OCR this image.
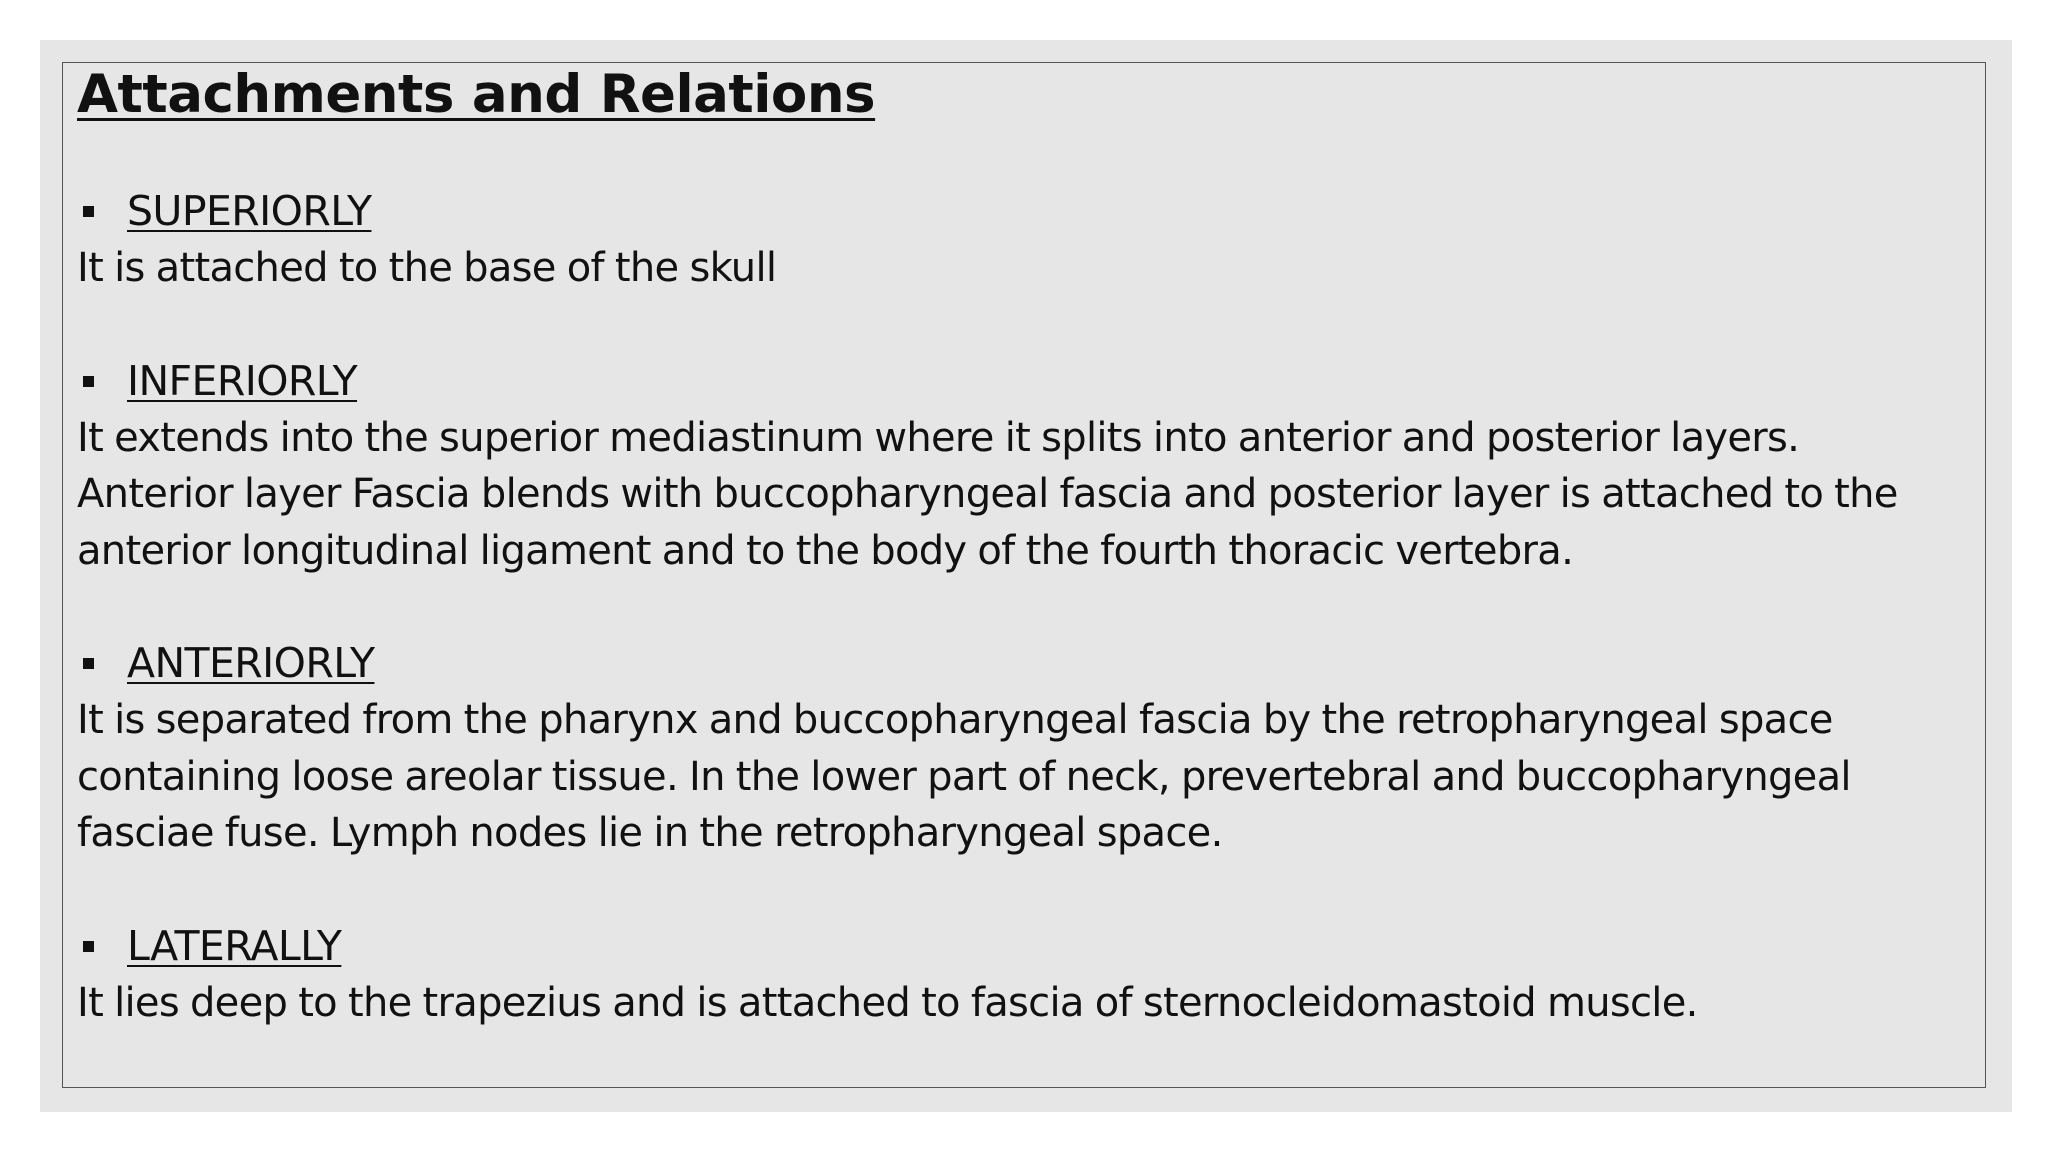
Attachments and Relations
SUPERIORLY

It is attached to the base of the skull

INFERIORLY

It extends into the superior mediastinum where it splits into anterior and posterior layers.

Anterior layer Fascia blends with buccopharyngeal fascia and posterior layer is attached to the

anterior longitudinal ligament and to the body of the fourth thoracic vertebra.

ANTERIORLY

It is separated from the pharynx and buccopharyngeal fascia by the retropharyngeal space

containing loose areolar tissue. In the lower part of neck, prevertebral and buccopharyngeal

fasciae fuse. Lymph nodes lie in the retropharyngeal space.

LATERALLY

It lies deep to the trapezius and is attached to fascia of sternocleidomastoid muscle.
